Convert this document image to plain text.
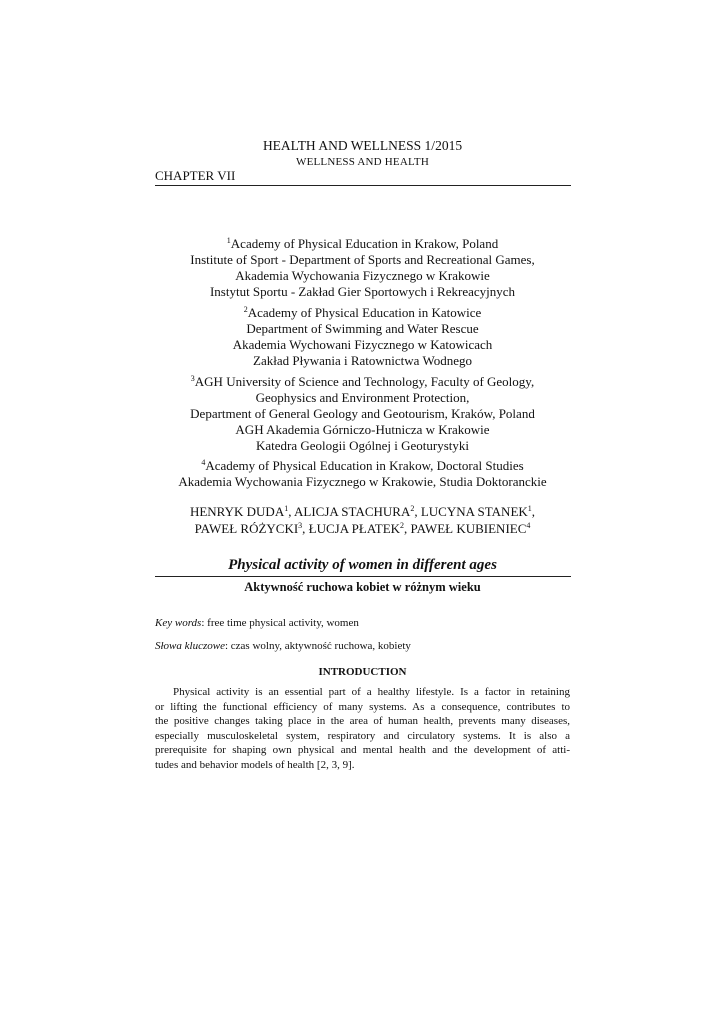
HEALTH AND WELLNESS 1/2015
WELLNESS AND HEALTH
CHAPTER VII
$^1$Academy of Physical Education in Krakow, Poland
Institute of Sport - Department of Sports and Recreational Games,
Akademia Wychowania Fizycznego w Krakowie
Instytut Sportu - Zakład Gier Sportowych i Rekreacyjnych
$^2$Academy of Physical Education in Katowice
Department of Swimming and Water Rescue
Akademia Wychowani Fizycznego w Katowicach
Zakład Pływania i Ratownictwa Wodnego
$^3$AGH University of Science and Technology, Faculty of Geology,
Geophysics and Environment Protection,
Department of General Geology and Geotourism, Kraków, Poland
AGH Akademia Górniczo-Hutnicza w Krakowie
Katedra Geologii Ogólnej i Geoturystyki
$^4$Academy of Physical Education in Krakow, Doctoral Studies
Akademia Wychowania Fizycznego w Krakowie, Studia Doktoranckie
HENRYK DUDA$^1$, ALICJA STACHURA$^2$, LUCYNA STANEK$^1$,
PAWEŁ RÓŻYCKI$^3$, ŁUCJA PŁATEK$^2$, PAWEŁ KUBIENIEC$^4$
Physical activity of women in different ages
Aktywność ruchowa kobiet w różnym wieku
Key words: free time physical activity, women
Słowa kluczowe: czas wolny, aktywność ruchowa, kobiety
INTRODUCTION
Physical activity is an essential part of a healthy lifestyle. Is a factor in retaining
or lifting the functional efficiency of many systems. As a consequence, contributes to
the positive changes taking place in the area of human health, prevents many diseases,
especially musculoskeletal system, respiratory and circulatory systems. It is also a
prerequisite for shaping own physical and mental health and the development of atti-
tudes and behavior models of health [2, 3, 9].
